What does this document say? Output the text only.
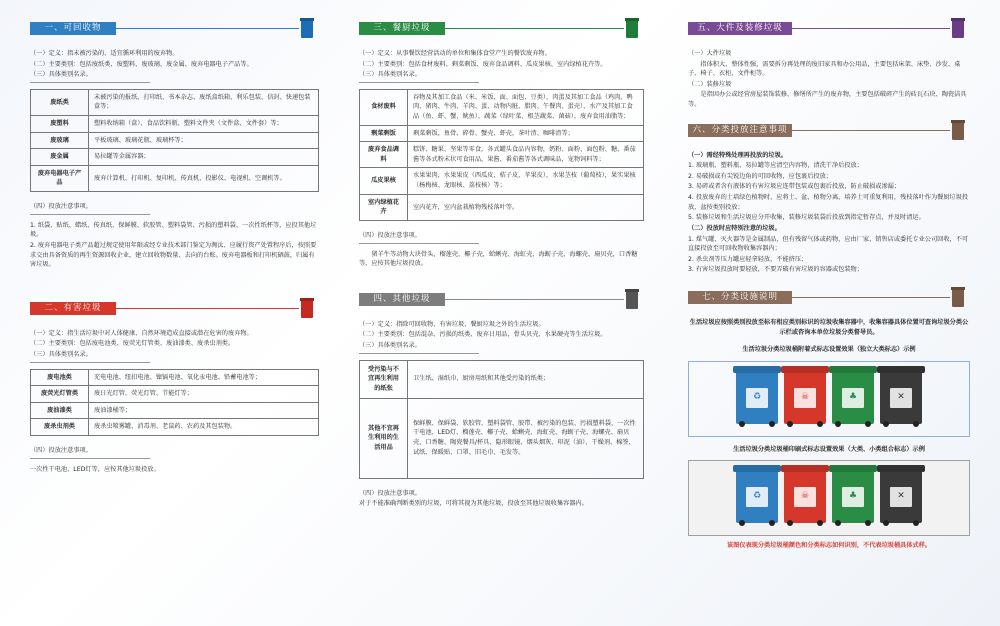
一、可回收物

（一）定义：指未被污染的、适宜循环利用的废弃物。

（二）主要类别：包括废纸类、废塑料、废玻璃、废金属、废弃电器电子产品等。

（三）具体类别名录。

废纸类	未被污染的报纸、打印纸、书本杂志、废纸盒纸箱、利乐包装、信封、快递包装盒等；
废塑料	塑料收纳箱（盒）、食品饮料瓶、塑料文件夹（文件盒、文件套）等；
废玻璃	平板玻璃、玻璃花瓶、玻璃杯等；
废金属	易拉罐等金属容器；
废弃电器电子产品	废弃计算机、打印机、复印机、传真机、投影仪、电视机、空调机等。

（四）投放注意事项。

1. 纸袋、贴纸、蜡纸、传真纸、保鲜膜、软胶管、塑料袋管、污损的塑料袋、一次性纸杯等，应投其他垃圾。

2. 废弃电器电子类产品超过规定使用年限或经专业技术部门鉴定为淘汰、应履行资产处置程序后，按照要求交由具备资质的再生资源回收企业，建立回收物数量、去向的台账。废弃电器板和打印机硒鼓，归属有害垃圾。

二、有害垃圾

（一）定义：指生活垃圾中对人体健康、自然环境造成直接或潜在危害的废弃物。

（二）主要类别：包括废电池类、废荧光灯管类、废油漆类、废杀虫剂类。

（三）具体类别名录。

废电池类	充电电池、纽扣电池、镍镉电池、氧化汞电池、铅蓄电池等；
废荧光灯管类	废日光灯管、荧光灯管、节能灯等；
废油漆类	废油漆桶等；
废杀虫剂类	废杀虫喷雾罐、消毒剂、老鼠药、农药及其包装物。

（四）投放注意事项。

一次性干电池、LED灯等，应按其他垃圾投放。

三、餐厨垃圾

（一）定义：从事餐饮经营活动的单位和集体食堂产生的餐饮废弃物。

（二）主要类别：包括食材废料、剩菜剩饭、废弃食品调料、瓜皮果核、室内绿植花卉等。

（三）具体类别名录。

食材废料	谷物及其加工食品（米、米饭、面、面包、豆类），肉蛋及其加工食品（鸡肉、鸭肉、猪肉、牛肉、羊肉、蛋、动物内脏、腊肉、午餐肉、蛋壳），水产及其加工食品（鱼、虾、蟹、鱿鱼），蔬菜（绿叶菜、根茎蔬菜、菌菇），废弃食用油脂等；
剩菜剩饭	剩菜剩饭，鱼骨、碎骨、蟹壳、虾壳，茶叶渣、咖啡渣等；
废弃食品调料	糕饼、糖果、坚果等零食，各式罐头食品内容物，奶粉、面粉、面包粉、糖、番茄酱等各式粉末状可食用品，果酱、番茄酱等各式调味品，宠物饲料等；
瓜皮果核	水果果肉，水果果皮（西瓜皮、桔子皮、苹果皮），水果茎枝（葡萄枝），果实果核（杨梅核、龙眼核、荔枝核）等；
室内绿植花卉	室内花卉，室内盆栽植物残枝落叶等。

（四）投放注意事项。

猪羊牛等动物大块骨头，榴莲壳、椰子壳，蛤蜊壳、海虹壳、海蛎子壳、海螺壳、扇贝壳，口香糖等，应按其他垃圾投放。

四、其他垃圾

（一）定义：指除可回收物、有害垃圾、餐厨垃圾之外的生活垃圾。

（二）主要类别：包括混杂、污损的纸类、废弃日用品，骨头贝壳、水果硬壳等生活垃圾。

（三）具体类别名录。

受污染与不宜再生利用的纸张	卫生纸、湿纸巾、厨房用纸和其他受污染的纸类；
其他不宜再生利用的生活用品	保鲜膜、保鲜袋、软胶管、塑料袋管、胶带、被污染的包装、污损塑料袋、一次性干电池、LED灯、榴莲壳、椰子壳、蛤蜊壳、海虹壳、海蛎子壳、海螺壳、扇贝壳、口香糖、陶瓷餐具/杯具、隐形眼镜、烟头烟灰、印泥（油）、干燥剂、棉签、试纸、保暖贴、口罩、旧毛巾、毛发等。

（四）投放注意事项。

对于不能准确判断类别的垃圾，可将其视为其他垃圾，投放至其他垃圾收集容器内。

五、大件及装修垃圾

（一）大件垃圾

指体积大、整体性强，需要拆分再处理的废旧家具和办公用品，主要包括床架、床垫、沙发、桌子、椅子、衣柜、文件柜等。

（二）装修垃圾

是指因办公或经营房屋装饰装修、修缮所产生的废弃物，主要包括破碎产生的砖瓦石块、陶瓷洁具等。

六、分类投放注意事项

（一）需经特殊处理再投放的垃圾。

1. 玻璃瓶、塑料瓶、易拉罐等应清空内容物，清洗干净后投放；

2. 易破损或有尖锐边角的可回收物，应包裹后投放；

3. 易碎或者含有液体的有害垃圾应连带包装或包裹后投放，防止破损或渗漏；

4. 投放废弃的土培绿色植物时，应将土、盆、植物分离，培养土可重复利用，残枝落叶作为餐厨垃圾投放，盆按类别投放；

5. 装修垃圾和生活垃圾应分开收集，装修垃圾装袋后投放到指定暂存点，并及时清运。

（二）投放时应特别注意的垃圾。

1. 煤气罐、灭火器等是金属制品，但有残留气体或药物，应由厂家、销售店或委托专业公司回收，不可直接投放至可回收物收集容器内；

2. 杀虫剂等压力罐应轻拿轻放，不能挤压；

3. 有害垃圾投放时要轻放，不要弄破有害垃圾的容器或包装物；

七、分类设施说明

生活垃圾应按照类别投放至标有相应类别标识的垃圾收集容器中，收集容器具体位置可查询垃圾分类公示栏或咨询本单位垃圾分类督导员。

生活垃圾分类垃圾桶附着式标志设置效果（独立大类标志）示例

♻	☠	♣	✕

生活垃圾分类垃圾桶印刷式标志设置效果（大类、小类组合标志）示例

♻	☠	♣	✕

该图仅表现分类垃圾桶颜色和分类标志如何识别，不代表垃圾桶具体式样。
